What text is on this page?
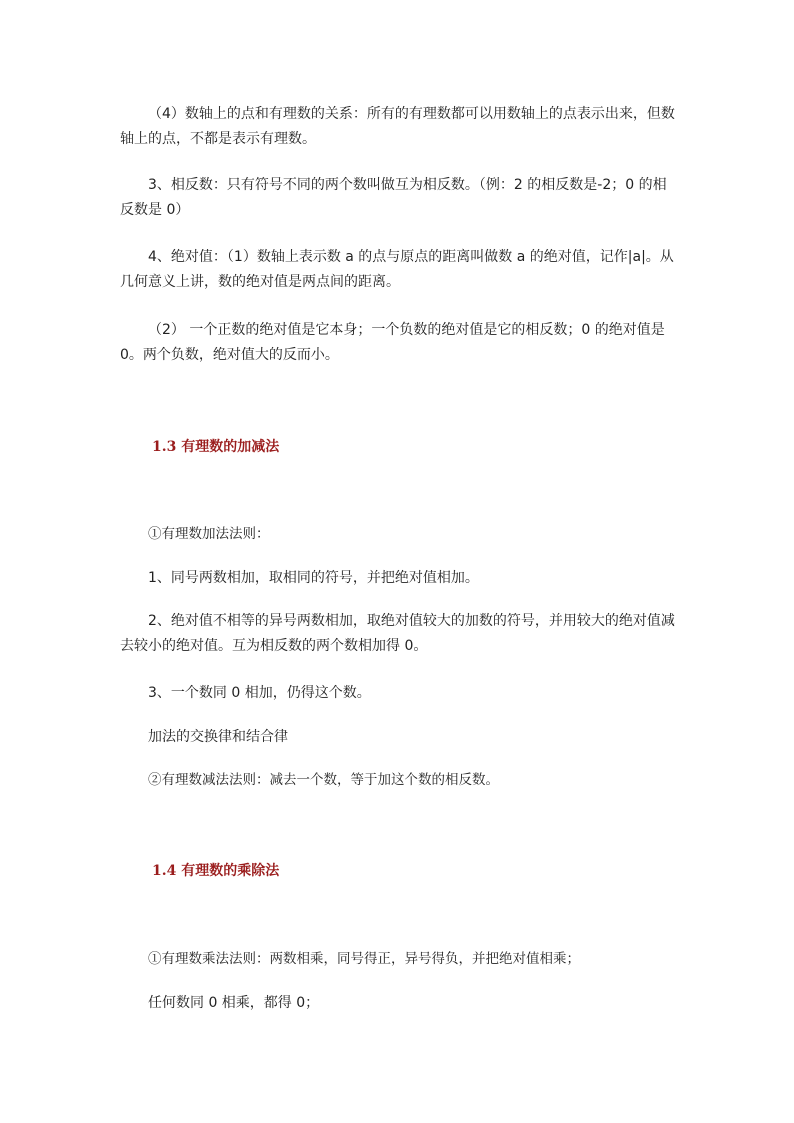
（4）数轴上的点和有理数的关系：所有的有理数都可以用数轴上的点表示出来，但数轴上的点，不都是表示有理数。

3、相反数：只有符号不同的两个数叫做互为相反数。（例：2 的相反数是-2；0 的相反数是 0）

4、绝对值：（1）数轴上表示数 a 的点与原点的距离叫做数 a 的绝对值，记作|a|。从几何意义上讲，数的绝对值是两点间的距离。

（2） 一个正数的绝对值是它本身；一个负数的绝对值是它的相反数；0 的绝对值是 0。两个负数，绝对值大的反而小。

1.3 有理数的加减法

①有理数加法法则：

1、同号两数相加，取相同的符号，并把绝对值相加。

2、绝对值不相等的异号两数相加，取绝对值较大的加数的符号，并用较大的绝对值减去较小的绝对值。互为相反数的两个数相加得 0。

3、一个数同 0 相加，仍得这个数。

加法的交换律和结合律

②有理数减法法则：减去一个数，等于加这个数的相反数。

1.4 有理数的乘除法

①有理数乘法法则：两数相乘，同号得正，异号得负，并把绝对值相乘；

任何数同 0 相乘，都得 0；
